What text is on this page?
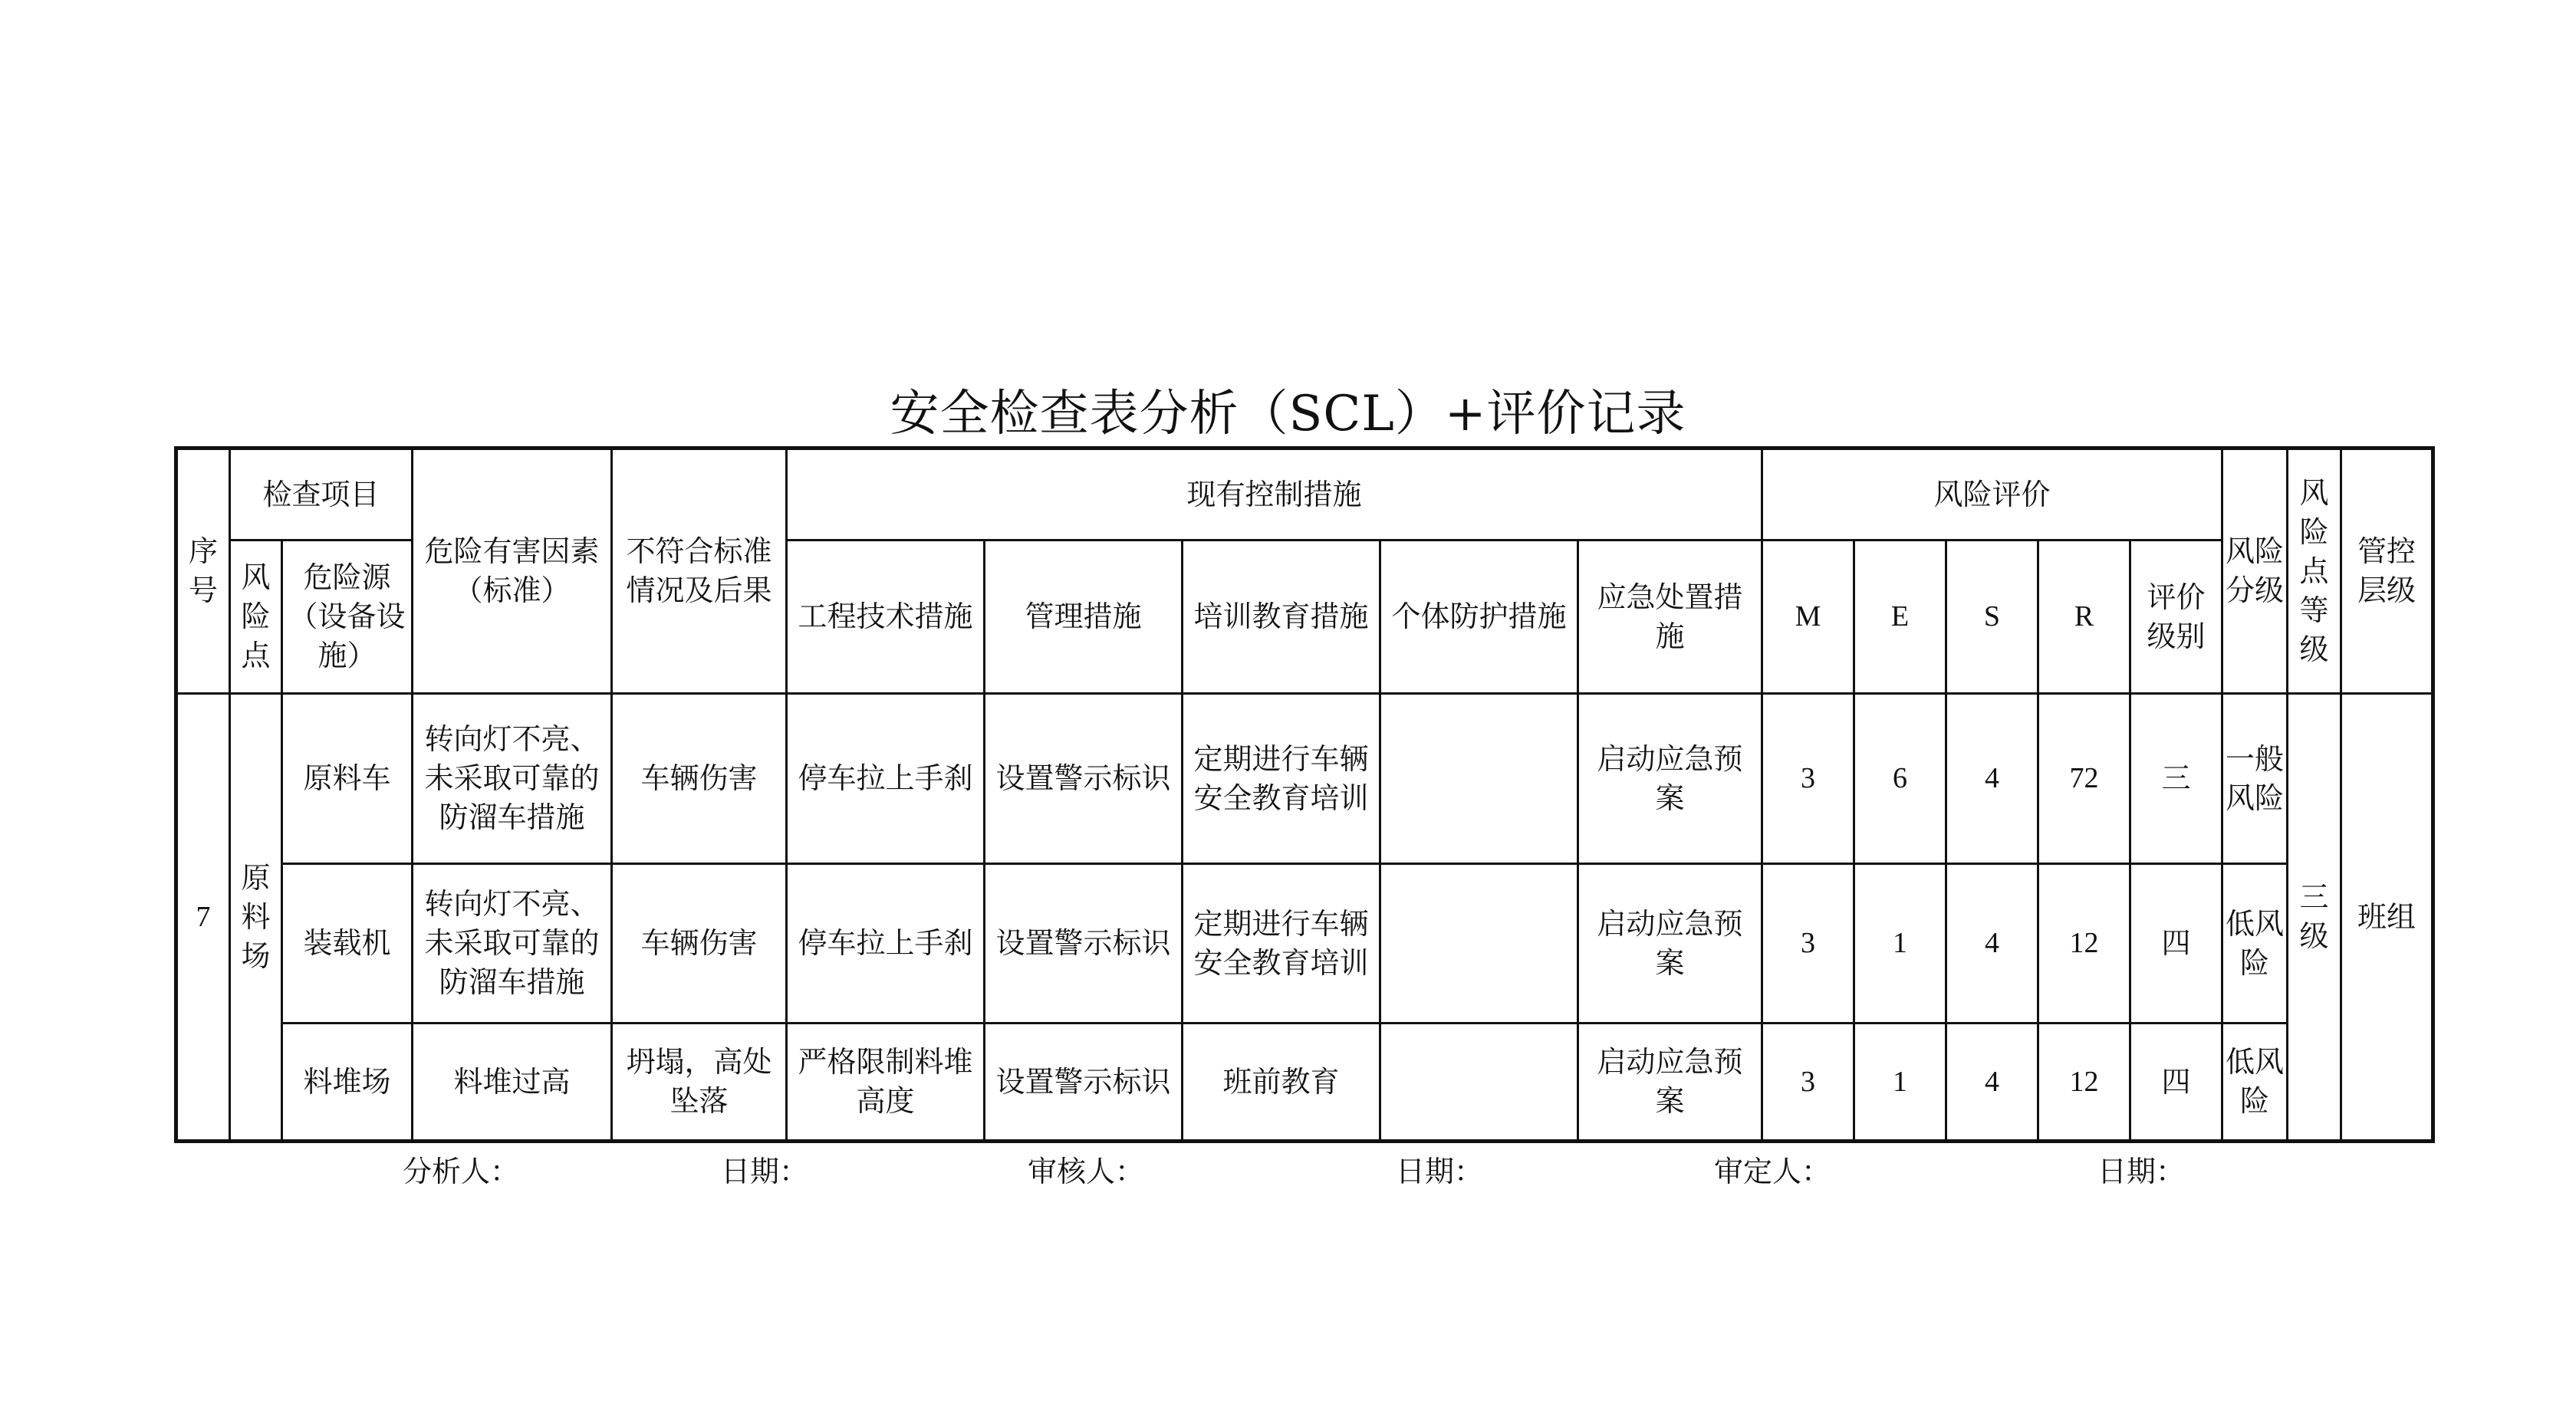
安全检查表分析（SCL）+评价记录
序号	检查项目		危险有害因素（标准）	不符合标准情况及后果	现有控制措施					风险评价					风险分级	风险点等级	管控层级
	风险点	危险源（设备设施）			工程技术措施	管理措施	培训教育措施	个体防护措施	应急处置措施	M	E	S	R	评价级别			
7	原料场	原料车	转向灯不亮、未采取可靠的防溜车措施	车辆伤害	停车拉上手刹	设置警示标识	定期进行车辆安全教育培训		启动应急预案	3	6	4	72	三	一般风险	三级	班组
		装载机	转向灯不亮、未采取可靠的防溜车措施	车辆伤害	停车拉上手刹	设置警示标识	定期进行车辆安全教育培训		启动应急预案	3	1	4	12	四	低风险		
		料堆场	料堆过高	坍塌，高处坠落	严格限制料堆高度	设置警示标识	班前教育		启动应急预案	3	1	4	12	四	低风险		
分析人：	日期：	审核人：	日期：	审定人：	日期：
